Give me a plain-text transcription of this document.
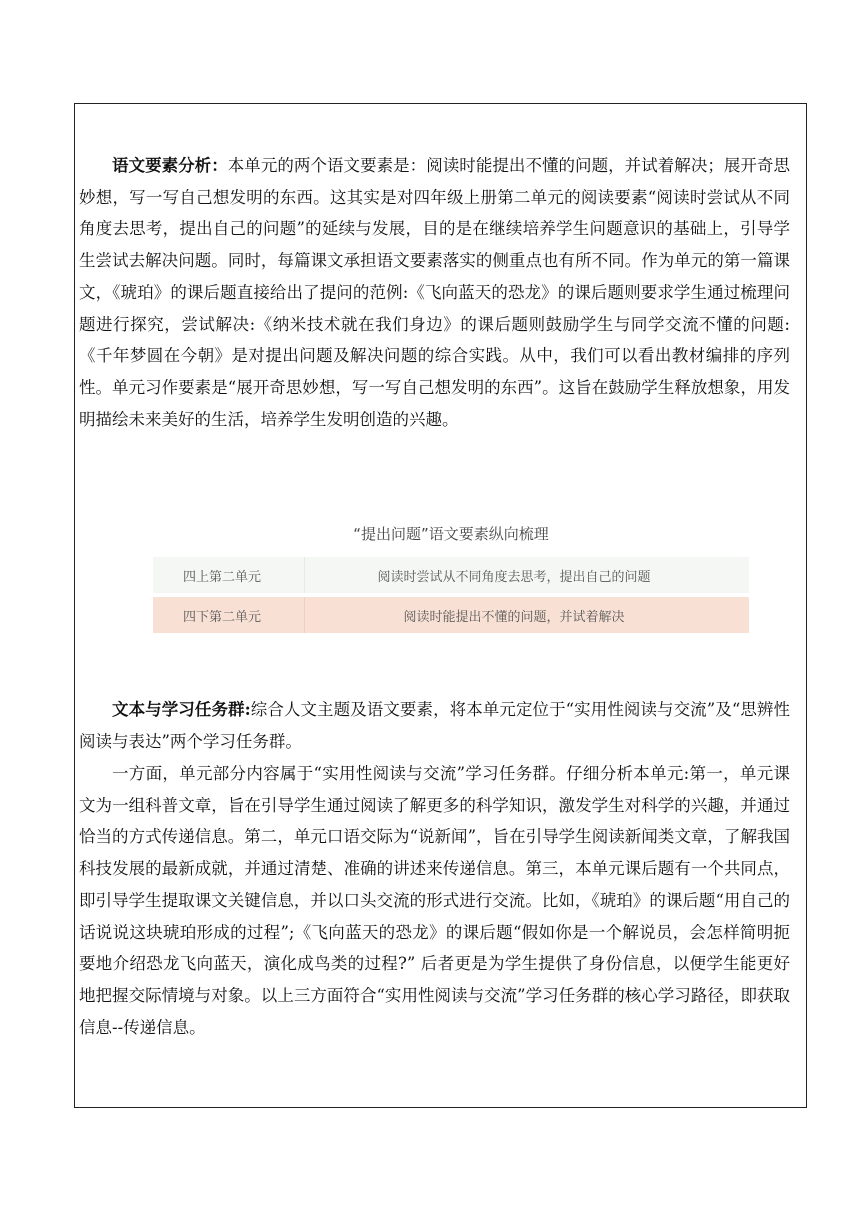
语文要素分析：本单元的两个语文要素是：阅读时能提出不懂的问题，并试着解决；展开奇思妙想，写一写自己想发明的东西。这其实是对四年级上册第二单元的阅读要素“阅读时尝试从不同角度去思考，提出自己的问题”的延续与发展，目的是在继续培养学生问题意识的基础上，引导学生尝试去解决问题。同时，每篇课文承担语文要素落实的侧重点也有所不同。作为单元的第一篇课文，《琥珀》的课后题直接给出了提问的范例:《飞向蓝天的恐龙》的课后题则要求学生通过梳理问题进行探究，尝试解决:《纳米技术就在我们身边》的课后题则鼓励学生与同学交流不懂的问题:《千年梦圆在今朝》是对提出问题及解决问题的综合实践。从中，我们可以看出教材编排的序列性。单元习作要素是“展开奇思妙想，写一写自己想发明的东西”。这旨在鼓励学生释放想象，用发明描绘未来美好的生活，培养学生发明创造的兴趣。

“提出问题”语文要素纵向梳理
四上第二单元	阅读时尝试从不同角度去思考，提出自己的问题
四下第二单元	阅读时能提出不懂的问题，并试着解决

文本与学习任务群:综合人文主题及语文要素，将本单元定位于“实用性阅读与交流”及“思辨性阅读与表达”两个学习任务群。

一方面，单元部分内容属于“实用性阅读与交流”学习任务群。仔细分析本单元:第一，单元课文为一组科普文章，旨在引导学生通过阅读了解更多的科学知识，激发学生对科学的兴趣，并通过恰当的方式传递信息。第二，单元口语交际为“说新闻”，旨在引导学生阅读新闻类文章，了解我国科技发展的最新成就，并通过清楚、准确的讲述来传递信息。第三，本单元课后题有一个共同点，即引导学生提取课文关键信息，并以口头交流的形式进行交流。比如，《琥珀》的课后题“用自己的话说说这块琥珀形成的过程”;《飞向蓝天的恐龙》的课后题“假如你是一个解说员，会怎样简明扼要地介绍恐龙飞向蓝天，演化成鸟类的过程?” 后者更是为学生提供了身份信息，以便学生能更好地把握交际情境与对象。以上三方面符合“实用性阅读与交流”学习任务群的核心学习路径，即获取信息--传递信息。
